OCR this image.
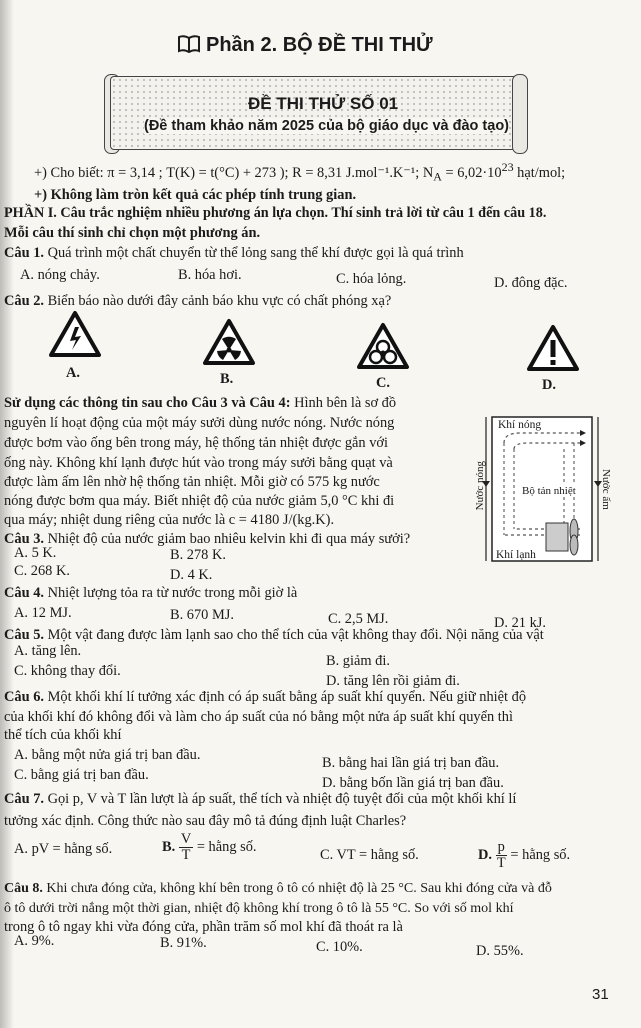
Phần 2. BỘ ĐỀ THI THỬ
ĐỀ THI THỬ SỐ 01
(Đề tham khảo năm 2025 của bộ giáo dục và đào tạo)
+) Cho biết: π = 3,14 ; T(K) = t(°C) + 273 ); R = 8,31 J.mol⁻¹.K⁻¹; $N_A = 6,02\cdot 10^{23}$ hạt/mol;
+) Không làm tròn kết quả các phép tính trung gian.
PHẦN I. Câu trắc nghiệm nhiều phương án lựa chọn. Thí sinh trả lời từ câu 1 đến câu 18.
Mỗi câu thí sinh chỉ chọn một phương án.
Câu 1. Quá trình một chất chuyển từ thể lỏng sang thể khí được gọi là quá trình
A. nóng chảy.	B. hóa hơi.	C. hóa lỏng.	D. đông đặc.
Câu 2. Biển báo nào dưới đây cảnh báo khu vực có chất phóng xạ?
A.	B.	C.	D.
Sử dụng các thông tin sau cho Câu 3 và Câu 4: Hình bên là sơ đồ
nguyên lí hoạt động của một máy sưởi dùng nước nóng. Nước nóng
được bơm vào ống bên trong máy, hệ thống tản nhiệt được gắn với
ống này. Không khí lạnh được hút vào trong máy sưởi bằng quạt và
được làm ấm lên nhờ hệ thống tản nhiệt. Mỗi giờ có 575 kg nước
nóng được bơm qua máy. Biết nhiệt độ của nước giảm 5,0 °C khi đi
qua máy; nhiệt dung riêng của nước là c = 4180 J/(kg.K).
Khí nóng
Nước nóng	Bộ tản nhiệt Nước ấm
Khí lạnh
Câu 3. Nhiệt độ của nước giảm bao nhiêu kelvin khi đi qua máy sưởi?
A. 5 K.	B. 278 K.
C. 268 K.	D. 4 K.
Câu 4. Nhiệt lượng tỏa ra từ nước trong mỗi giờ là
A. 12 MJ.	B. 670 MJ.	C. 2,5 MJ.	D. 21 kJ.
Câu 5. Một vật đang được làm lạnh sao cho thể tích của vật không thay đổi. Nội năng của vật
A. tăng lên.
B. giảm đi.
C. không thay đổi.
D. tăng lên rồi giảm đi.
Câu 6. Một khối khí lí tưởng xác định có áp suất bằng áp suất khí quyển. Nếu giữ nhiệt độ
của khối khí đó không đổi và làm cho áp suất của nó bằng một nửa áp suất khí quyển thì
thể tích của khối khí
A. bằng một nửa giá trị ban đầu.	B. bằng hai lần giá trị ban đầu.
C. bằng giá trị ban đầu.	D. bằng bốn lần giá trị ban đầu.
Câu 7. Gọi p, V và T lần lượt là áp suất, thể tích và nhiệt độ tuyệt đối của một khối khí lí
tưởng xác định. Công thức nào sau đây mô tả đúng định luật Charles?
A. pV = hằng số.	B. $\frac{V}{T}$ = hằng số.
C. VT = hằng số.	D. $\frac{p}{T}$ = hằng số.
Câu 8. Khi chưa đóng cửa, không khí bên trong ô tô có nhiệt độ là 25 °C. Sau khi đóng cửa và đỗ
ô tô dưới trời nắng một thời gian, nhiệt độ không khí trong ô tô là 55 °C. So với số mol khí
trong ô tô ngay khi vừa đóng cửa, phần trăm số mol khí đã thoát ra là
A. 9%.	B. 91%.	C. 10%.	D. 55%.
31
